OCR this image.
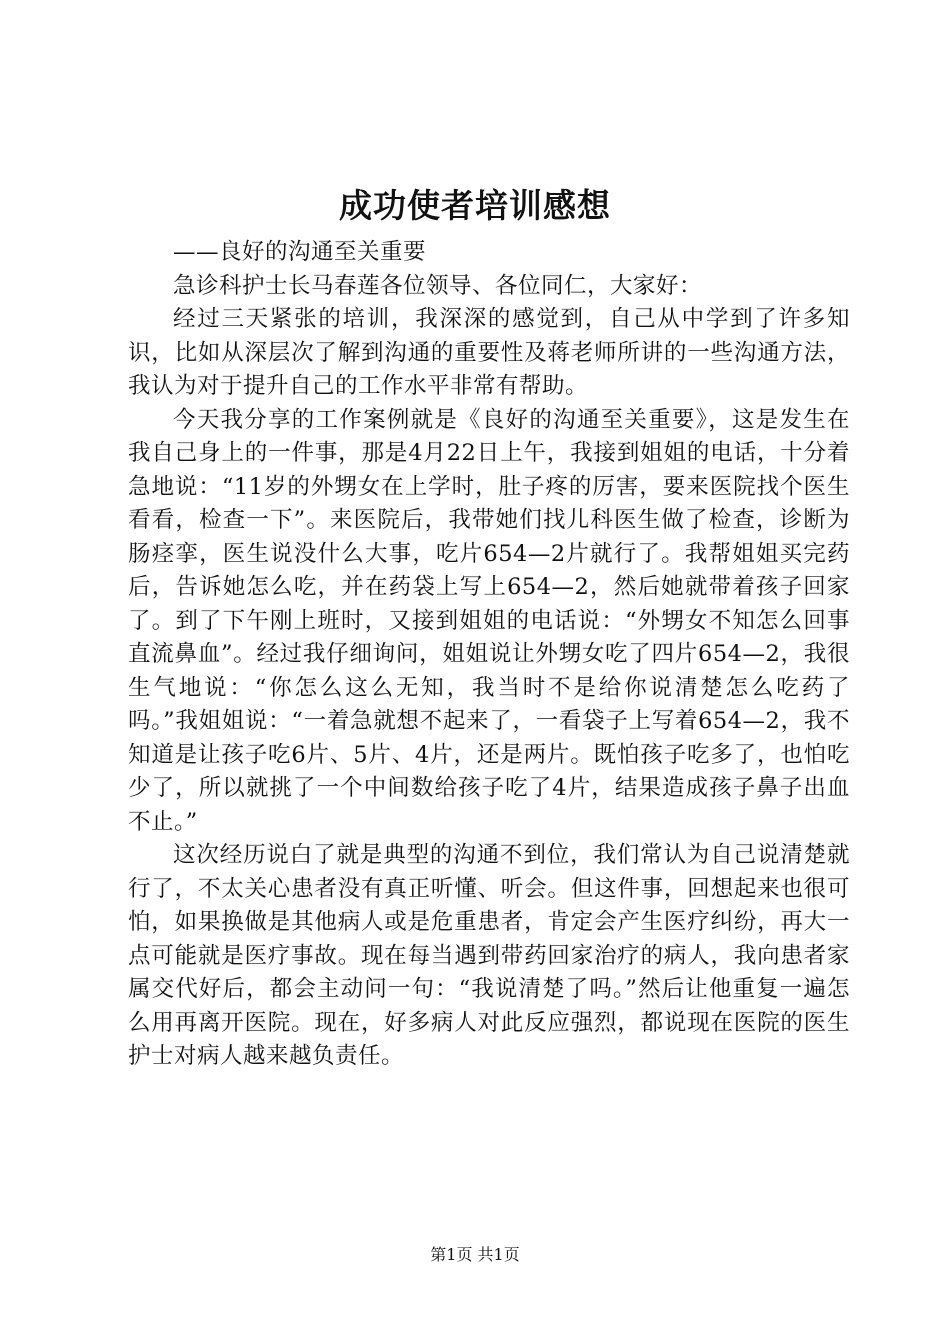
成功使者培训感想

——良好的沟通至关重要

急诊科护士长马春莲各位领导、各位同仁，大家好：

经过三天紧张的培训，我深深的感觉到，自己从中学到了许多知识，比如从深层次了解到沟通的重要性及蒋老师所讲的一些沟通方法，我认为对于提升自己的工作水平非常有帮助。

今天我分享的工作案例就是《良好的沟通至关重要》，这是发生在我自己身上的一件事，那是4月22日上午，我接到姐姐的电话，十分着急地说：“11岁的外甥女在上学时，肚子疼的厉害，要来医院找个医生看看，检查一下”。来医院后，我带她们找儿科医生做了检查，诊断为肠痉挛，医生说没什么大事，吃片654—2片就行了。我帮姐姐买完药后，告诉她怎么吃，并在药袋上写上654—2，然后她就带着孩子回家了。到了下午刚上班时，又接到姐姐的电话说：“外甥女不知怎么回事直流鼻血”。经过我仔细询问，姐姐说让外甥女吃了四片654—2，我很生气地说：“你怎么这么无知，我当时不是给你说清楚怎么吃药了吗。”我姐姐说：“一着急就想不起来了，一看袋子上写着654—2，我不知道是让孩子吃6片、5片、4片，还是两片。既怕孩子吃多了，也怕吃少了，所以就挑了一个中间数给孩子吃了4片，结果造成孩子鼻子出血不止。”

这次经历说白了就是典型的沟通不到位，我们常认为自己说清楚就行了，不太关心患者没有真正听懂、听会。但这件事，回想起来也很可怕，如果换做是其他病人或是危重患者，肯定会产生医疗纠纷，再大一点可能就是医疗事故。现在每当遇到带药回家治疗的病人，我向患者家属交代好后，都会主动问一句：“我说清楚了吗。”然后让他重复一遍怎么用再离开医院。现在，好多病人对此反应强烈，都说现在医院的医生护士对病人越来越负责任。

第1页 共1页
